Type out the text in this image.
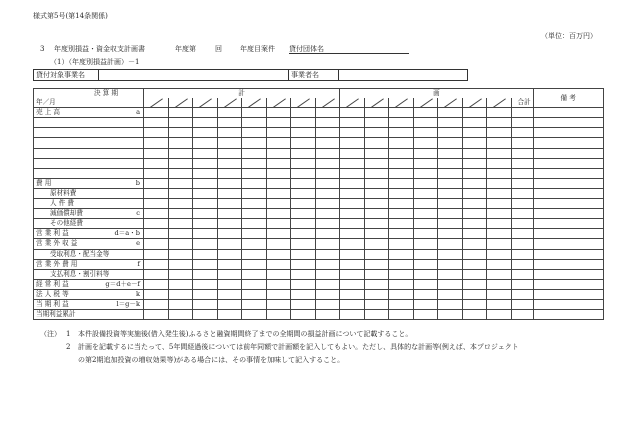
様式第5号(第14条関係)
（単位：百万円）
3 年度別損益・資金収支計画書	年度第	回	年度目案件 貸付団体名
（1）（年度別損益計画）－1
貸付対象事業名		事業者名	
決 算 期	計								画								備 考
年／月																合計	
売 上 高 a																	

費 用 b																	

原材料費

人 件 費

減価償却費 c																	

その他経費

営 業 利 益 d＝a・b																	

営 業 外 収 益 e																	

受取利息・配当金等

営 業 外 費 用 f																	

支払利息・割引料等

経 常 利 益 g＝d＋e－f																	

法 人 税 等 k																	

当 期 利 益 l＝g－k																	

当期利益累計

（注） 1 本件設備投資等実施後(借入発生後)ふるさと融資期間終了までの全期間の損益計画について記載すること。
2 計画を記載するに当たって、5年間経過後については前年同額で計画額を記入してもよい。ただし、具体的な計画等(例えば、本プロジェクト
の第2期追加投資の増収効果等)がある場合には、その事情を加味して記入すること。
